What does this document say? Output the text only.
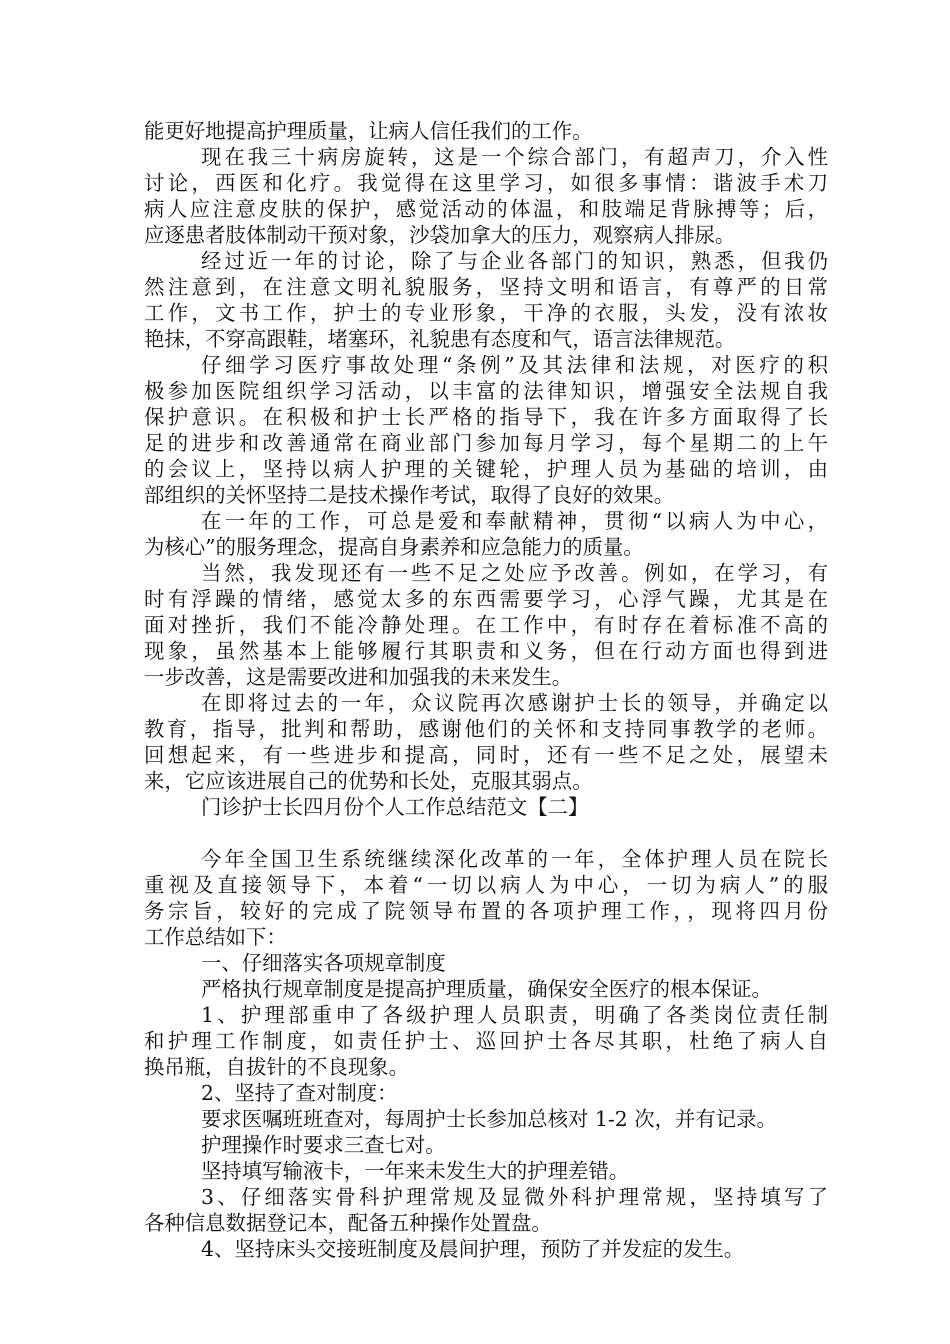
能更好地提高护理质量，让病人信任我们的工作。
现在我三十病房旋转，这是一个综合部门，有超声刀，介入性
讨论，西医和化疗。我觉得在这里学习，如很多事情：谐波手术刀
病人应注意皮肤的保护，感觉活动的体温，和肢端足背脉搏等；后，
应逐患者肢体制动干预对象，沙袋加拿大的压力，观察病人排尿。
经过近一年的讨论，除了与企业各部门的知识，熟悉，但我仍
然注意到，在注意文明礼貌服务，坚持文明和语言，有尊严的日常
工作，文书工作，护士的专业形象，干净的衣服，头发，没有浓妆
艳抹，不穿高跟鞋，堵塞环，礼貌患有态度和气，语言法律规范。
仔细学习医疗事故处理“条例”及其法律和法规，对医疗的积
极参加医院组织学习活动，以丰富的法律知识，增强安全法规自我
保护意识。在积极和护士长严格的指导下，我在许多方面取得了长
足的进步和改善通常在商业部门参加每月学习，每个星期二的上午
的会议上，坚持以病人护理的关键轮，护理人员为基础的培训，由
部组织的关怀坚持二是技术操作考试，取得了良好的效果。
在一年的工作，可总是爱和奉献精神，贯彻“以病人为中心，
为核心”的服务理念，提高自身素养和应急能力的质量。
当然，我发现还有一些不足之处应予改善。例如，在学习，有
时有浮躁的情绪，感觉太多的东西需要学习，心浮气躁，尤其是在
面对挫折，我们不能冷静处理。在工作中，有时存在着标准不高的
现象，虽然基本上能够履行其职责和义务，但在行动方面也得到进
一步改善，这是需要改进和加强我的未来发生。
在即将过去的一年，众议院再次感谢护士长的领导，并确定以
教育，指导，批判和帮助，感谢他们的关怀和支持同事教学的老师。
回想起来，有一些进步和提高，同时，还有一些不足之处，展望未
来，它应该进展自己的优势和长处，克服其弱点。
门诊护士长四月份个人工作总结范文【二】
今年全国卫生系统继续深化改革的一年，全体护理人员在院长
重视及直接领导下，本着“一切以病人为中心，一切为病人”的服
务宗旨，较好的完成了院领导布置的各项护理工作，，现将四月份
工作总结如下：
一、仔细落实各项规章制度
严格执行规章制度是提高护理质量，确保安全医疗的根本保证。
1、护理部重申了各级护理人员职责，明确了各类岗位责任制
和护理工作制度，如责任护士、巡回护士各尽其职，杜绝了病人自
换吊瓶，自拔针的不良现象。
2、坚持了查对制度：
要求医嘱班班查对，每周护士长参加总核对 1-2 次，并有记录。
护理操作时要求三查七对。
坚持填写输液卡，一年来未发生大的护理差错。
3、仔细落实骨科护理常规及显微外科护理常规，坚持填写了
各种信息数据登记本，配备五种操作处置盘。
4、坚持床头交接班制度及晨间护理，预防了并发症的发生。
